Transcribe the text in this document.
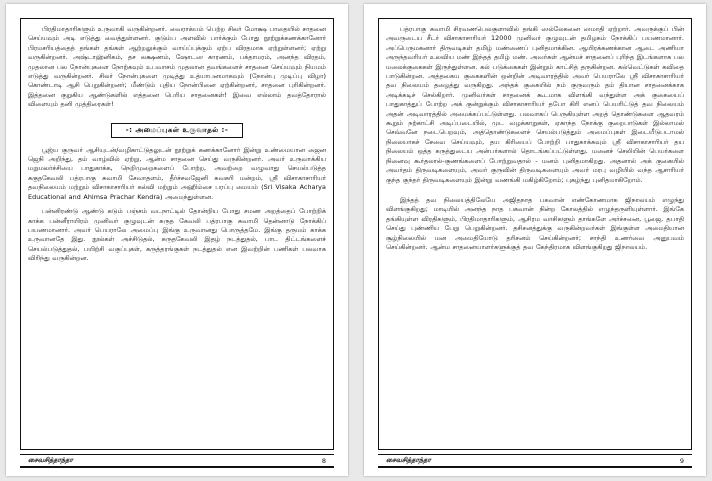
பிரதிமாதாரிகளும் உருவாகி வருகின்றனர். வைராக்யம் பெற்ற சிலர் மோக்ஷ பாதையில் சாதனை செய்யவும் அடி எடுத்து வைத்துள்ளனர். குடும்ப அளவில் பார்க்கும் போது நூற்றுக்கணக்கானோர் பிரமசரியத்தைத் தங்கள் தங்கள் ஆற்றலுக்கும் வாய்ப்புக்கும் ஏற்ப விரதமாக ஏற்றுள்ளனர்; ஏற்று வருகின்றனர். அஷ்டாஹ்னிகம், தச லக்ஷணம், ஷோடஸ காரணம், பக்தாமரம், அனந்த விரதம், முதலான பல நோன்புகளை நோற்கவும் உபவாசம் முதலான தவங்களைச் சாதனை செய்யவும் நியமம் எடுத்து வருகின்றனர். சிலர் நோன்புகளை முடித்து உத்யாபனமாகவும் (நோன்பு முடிப்பு விழா) கொண்டாடி ஆசி பெறுகின்றனர்; மீண்டும் புதிய நோன்பினை ஏற்கின்றனர், சாதனை புரிகின்றனர். இத்தனை குறுகிய ஆண்டுகளில் எத்தனை பெரிய சாதனைகள்! இவை எல்லாம் தவத்தோரால் விளையும் தனி முத்திரைகள்!

-: அமைப்புகள் உருவாதல் :-

பூஜ்ய குருவர் ஆசியுடன்/வழிகாட்டுதலுடன் நூற்றுக் கணக்கானோர் இன்று உண்மையான ஜைன ஜெநி அறிந்து, தம் வாழ்வில் ஏற்று, ஆன்ம சாதனை செய்து வருகின்றனர். அவர் உருவாக்கிய மறுமலர்ச்சியை பாதுகாக்க, நெறிமுறைகளைப் போற்ற, அவற்றை வழுவாது செயல்படுத்த சுகுதகேவலி பத்ரபாகு சுவாமி சேவாதளம், தீர்ச்சவஜேனி சுவசுரி மன்றம், ஸ்ரீ விசாகாசாரியர் தவநிலையம் மற்றும் விசாகாசாரியர் கல்வி மற்றும் அஹிம்சை பரப்பு மையம் (Sri Visaka Acharya Educational and Ahimsa Prachar Kendra) அமைந்துள்ளன.

பன்னிரண்டு ஆண்டு கடும் பஞ்சம் வடநாட்டில் தோன்றிய போது சமண அறத்தைப் போற்றிக் காக்க பன்னீராயிரம் முனிவர் குழுவுடன் சுருத கேவலி பத்ரபாகு சுவாமி தென்னாடு நோக்கிப் பயணமானார். அவர் பெயராலே அமைப்பு இங்கு உருவானது பொருத்தமே. இங்கு தருமம் காக்க உருவானதே இது. நூல்கள் அச்சிடுதல், சுருதகேவலி இதழ் நடத்துதல், பாட திட்டங்களைச் செயல்படுத்துதல், பயிற்சி வகுப்புகள், கருத்தரங்குகள் நடத்துதல் என இவற்றின் பணிகள் பலவாக விரிந்து வருகின்றன.

சைவசித்தாந்தா	8

பத்ரபாகு சுவாமி சிரவணபெலகுளாவில் தங்கி ஸல்லேகனை ஸமாதி ஏற்றார். அவருக்குப் பின் அவருடைய சீடர் விசாகாசாரியர் 12000 முனிவர் குழுவுடன் தமிழகம் நோக்கிப் பயணமானார். அப்பெருமகனார் திருவடிகள் தமிழ் மண்ணைப் புனிதமாக்கின. ஆயிரக்கணக்கான ஆடை அணியா அருந்தவரியர் உலவிய மண் இந்தத் தமிழ் மண். அவர்கள் ஆன்மச் சாதனைப் புரிந்த இடங்களாக பல மலைக்குகைகள் இருந்துள்ளன. கல் படுக்கைகள் இன்றும் காட்சித் தருகின்றன. கல்வெட்டுகள் கவிதை பாடுகின்றன. அத்தகைய குகைகளின் ஒன்றின் அடிவாரத்தில் அவர் பெயராலே ஸ்ரீ விசாகாசாரியர் தவ நிலையம் தழைத்து வருகிறது. அந்தக் குகையில் நம் குருவரும் தம் தியான சாதனைக்காக அடிக்கடிச் செல்கிறார். முனிவர்கள் சாதனைக் கூடமாக விளங்கி வந்துள்ள அக் குகையைப் பாதுகாத்துப் போற்ற அக் குன்றுக்கும் விசாகாசாரியர் தபோ கிரி எனப் பெயரிட்டுத் தவ நிலையம் அதன் அடிவாரத்தில் அமைக்கப்பட்டுள்ளது. பலவாகப் பெருகியுள்ள அறத் தொண்டுகளை ஆதவரம் கூறும் நற்காட்சி அடிப்படையில், முட வழக்காறுகள், ஏகாந்த நோக்கு குறைபாடுகள் இல்லாமல் செவ்வனே நடைபெறவும், அத்தொண்டுகளைச் செயல்படுத்தும் அமைப்புகள் இடையீடுபடாமல் நிலையாகச் சேவை செய்யவும், தய கிரியைப் போற்றி பாதுகாக்கவும் ஸ்ரீ விசாகாசாரியர் தய நிலையம் ஒத்த கருத்துடைய அன்பர்களால் தொடங்கப்பட்டுள்ளது. மனைச் செலியின் பெயர்களை நினைவு கூர்தலால்-குணங்களைப் போற்றுவதால் - மனம் புனிதமாகிறது. அதனால் அக் குகையில் அவர்தம் திருவடிகளையும், அவர் குருவின் திருவடிகளையும் அவர் மரபு வழியில் வந்த ஆசாரியர் குந்த குந்தர் திருவடிகளையும் இன்று வணங்கி மகிழ்கிறோம்; புகழ்ந்து புனிதமாகிறோம்.

இந்தத் தவ நிலையத்திலேயே அஜிதநாத பகவான் எண்கோணமாக ஜிநாலயம் எழுந்து விளங்குகிறது; மாடியில் அனந்த நாத பகவான் நின்ற கோலத்தில் எழுந்தருளியுள்ளார். இங்கே தங்கியுள்ள விரதிகளும், பிரதிமாதாரிகளும், ஆசிரம வாசிகளும் தாங்களே அர்ச்சனை, பூஜை, தபாதி செய்து புண்ணிய பேறு பெறுகின்றனர். தசிசனத்துக்கு வருகின்றவர்கள் இங்குள்ள அமைதியான சூழ்நிலையில் மன அமைதியோடு தரிசனம் செய்கின்றனர்; சாந்தி உணர்வை அனுபவம் செய்கின்றனர். ஆன்ம சாதனையாளர்களுக்குத் தவ கேந்திரமாக விளங்குகிறது ஜிநாலயம்.

சைவசித்தாந்தா	9
